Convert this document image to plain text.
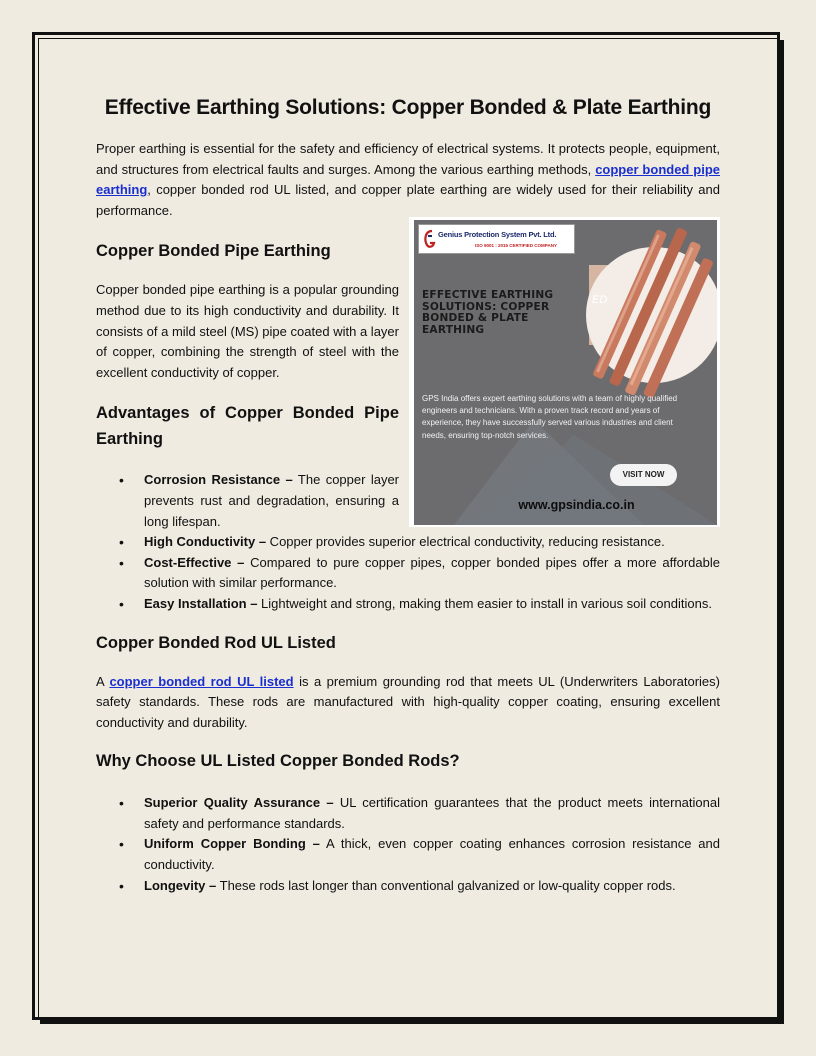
Genius Protection System Pvt. Ltd.
ISO 9001 : 2015 CERTIFIED COMPANY
EFFECTIVE EARTHING SOLUTIONS: COPPER BONDED & PLATE EARTHING
ED
GPS India offers expert earthing solutions with a team of highly qualified engineers and technicians. With a proven track record and years of experience, they have successfully served various industries and client needs, ensuring top-notch services.
VISIT NOW
www.gpsindia.co.in
Effective Earthing Solutions: Copper Bonded & Plate Earthing

Proper earthing is essential for the safety and efficiency of electrical systems. It protects people, equipment, and structures from electrical faults and surges. Among the various earthing methods, copper bonded pipe earthing, copper bonded rod UL listed, and copper plate earthing are widely used for their reliability and performance.

Copper Bonded Pipe Earthing

Copper bonded pipe earthing is a popular grounding method due to its high conductivity and durability. It consists of a mild steel (MS) pipe coated with a layer of copper, combining the strength of steel with the excellent conductivity of copper.

Advantages of Copper Bonded Pipe Earthing
• Corrosion Resistance – The copper layer prevents rust and degradation, ensuring a long lifespan.
• High Conductivity – Copper provides superior electrical conductivity, reducing resistance.
• Cost-Effective – Compared to pure copper pipes, copper bonded pipes offer a more affordable solution with similar performance.
• Easy Installation – Lightweight and strong, making them easier to install in various soil conditions.
Copper Bonded Rod UL Listed

A copper bonded rod UL listed is a premium grounding rod that meets UL (Underwriters Laboratories) safety standards. These rods are manufactured with high-quality copper coating, ensuring excellent conductivity and durability.

Why Choose UL Listed Copper Bonded Rods?
• Superior Quality Assurance – UL certification guarantees that the product meets international safety and performance standards.
• Uniform Copper Bonding – A thick, even copper coating enhances corrosion resistance and conductivity.
• Longevity – These rods last longer than conventional galvanized or low-quality copper rods.
